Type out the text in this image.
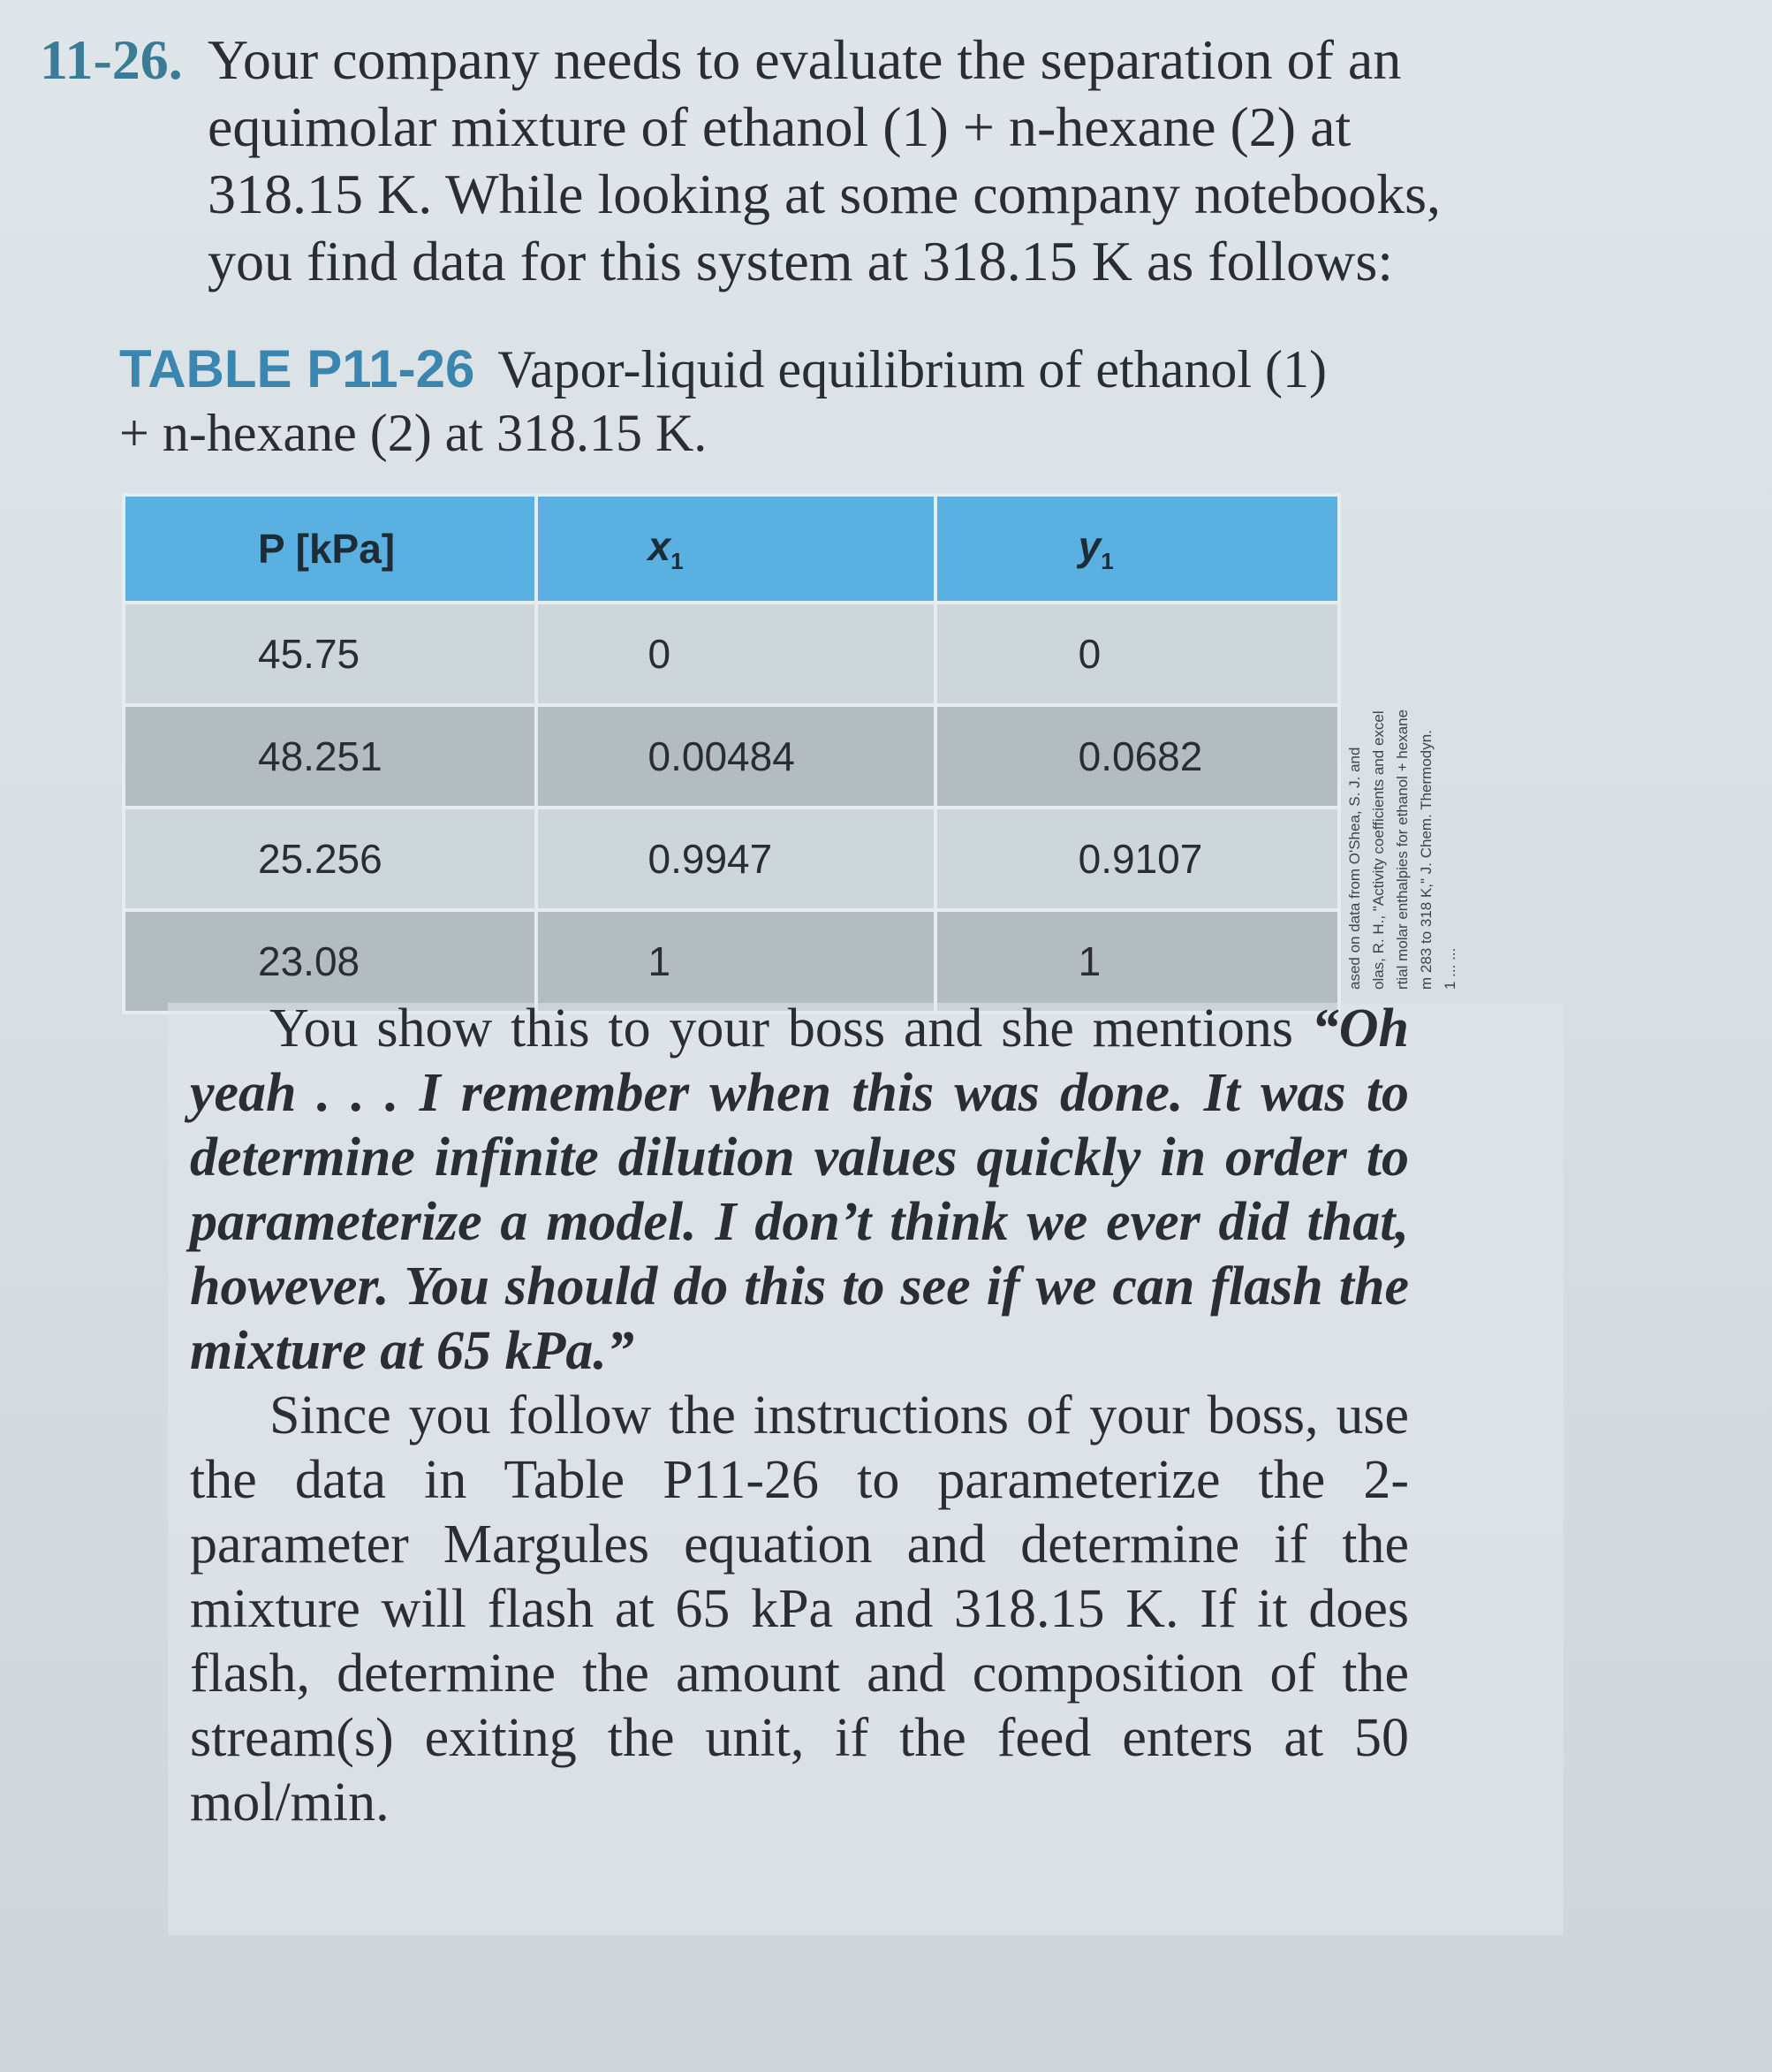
11-26. Your company needs to evaluate the separation of an equimolar mixture of ethanol (1) + n-hexane (2) at 318.15 K. While looking at some company notebooks, you find data for this system at 318.15 K as follows:
TABLE P11-26 Vapor-liquid equilibrium of ethanol (1) + n-hexane (2) at 318.15 K.
P [kPa]	$x_1$	$y_1$
45.75	0	0
48.251	0.00484	0.0682
25.256	0.9947	0.9107
23.08	1	1	ased on data from O'Shea, S. J. and olas, R. H., "Activity coefficients and excel rtial molar enthalpies for ethanol + hexane m 283 to 318 K," J. Chem. Thermodyn. 1 ... ...

You show this to your boss and she mentions “Oh yeah . . . I remember when this was done. It was to determine infinite dilution values quickly in order to parameterize a model. I don’t think we ever did that, however. You should do this to see if we can flash the mixture at 65 kPa.”

Since you follow the instructions of your boss, use the data in Table P11-26 to parameterize the 2-parameter Margules equation and determine if the mixture will flash at 65 kPa and 318.15 K. If it does flash, determine the amount and composition of the stream(s) exiting the unit, if the feed enters at 50 mol/min.
